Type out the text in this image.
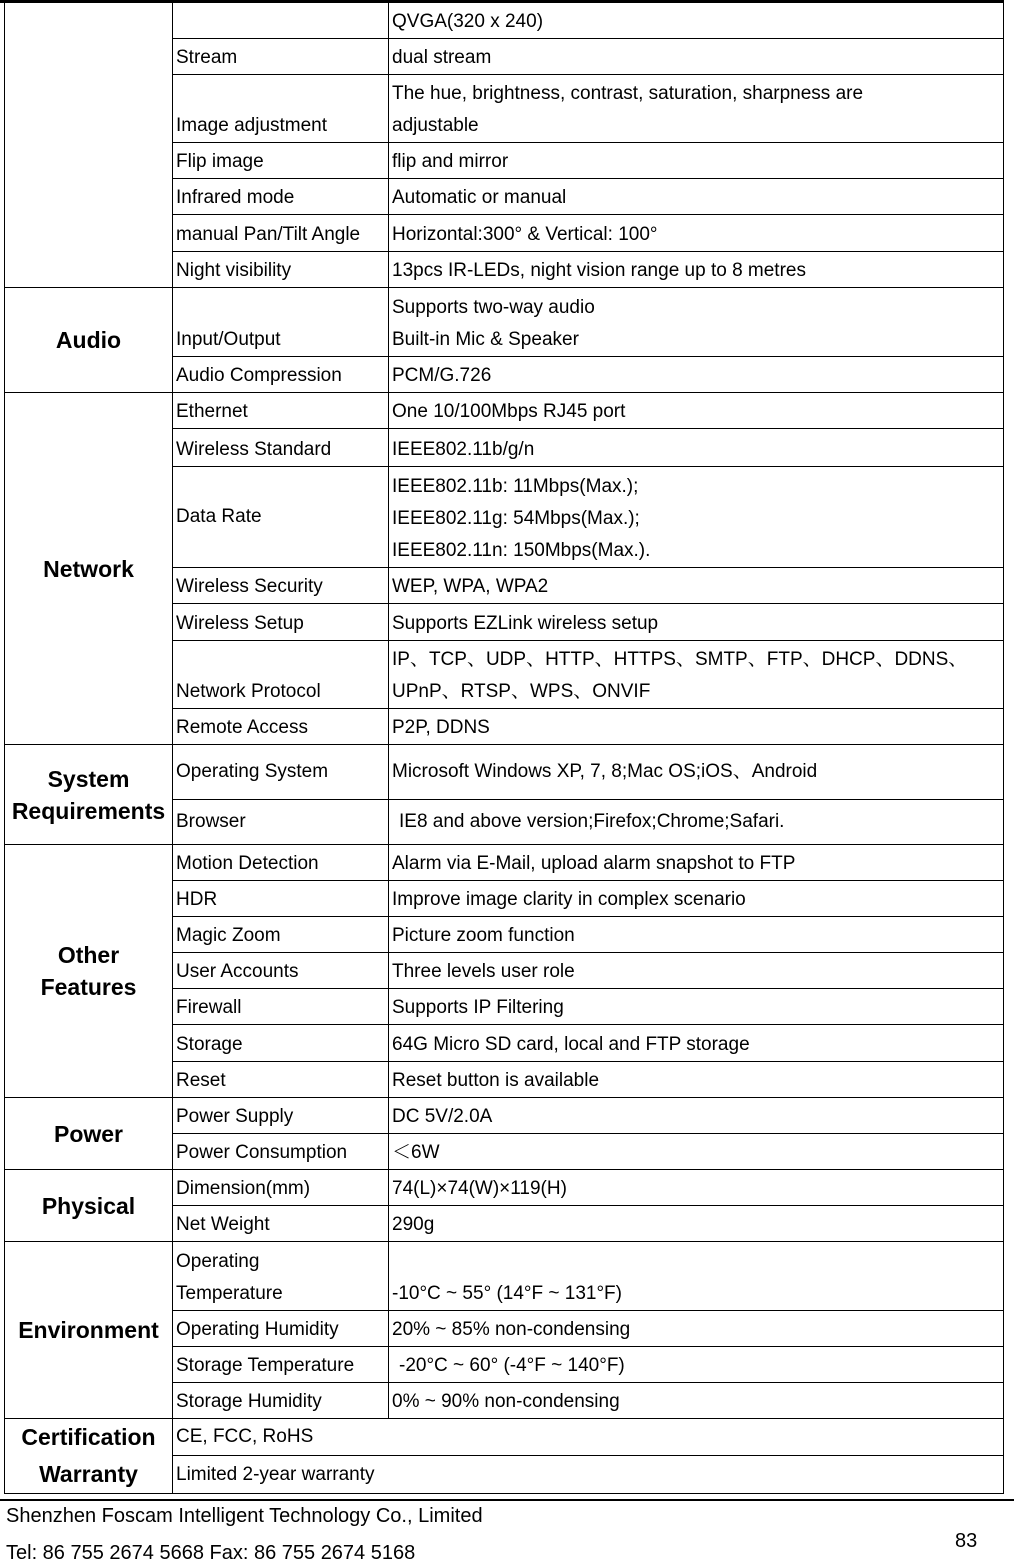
		QVGA(320 x 240)
	Stream	dual stream
	Image adjustment	The hue, brightness, contrast, saturation, sharpness are
adjustable

	Flip image	flip and mirror
	Infrared mode	Automatic or manual
	manual Pan/Tilt Angle	Horizontal:300° & Vertical: 100°
	Night visibility	13pcs IR-LEDs, night vision range up to 8 metres
Audio	Input/Output	Supports two-way audio
Built-in Mic & Speaker

	Audio Compression	PCM/G.726
Network	Ethernet	One 10/100Mbps RJ45 port
	Wireless Standard	IEEE802.11b/g/n
	Data Rate	IEEE802.11b: 11Mbps(Max.);
IEEE802.11g: 54Mbps(Max.);
IEEE802.11n: 150Mbps(Max.).

	Wireless Security	WEP, WPA, WPA2
	Wireless Setup	Supports EZLink wireless setup
	Network Protocol	IP、TCP、UDP、HTTP、HTTPS、SMTP、FTP、DHCP、DDNS、
UPnP、RTSP、WPS、ONVIF

	Remote Access	P2P, DDNS

System
Requirements	Operating System	Microsoft Windows XP, 7, 8;Mac OS;iOS、Android
	Browser	IE8 and above version;Firefox;Chrome;Safari.

Other
Features	Motion Detection	Alarm via E-Mail, upload alarm snapshot to FTP
	HDR	Improve image clarity in complex scenario
	Magic Zoom	Picture zoom function
	User Accounts	Three levels user role
	Firewall	Supports IP Filtering
	Storage	64G Micro SD card, local and FTP storage
	Reset	Reset button is available
Power	Power Supply	DC 5V/2.0A
	Power Consumption	＜6W
Physical	Dimension(mm)	74(L)×74(W)×119(H)
	Net Weight	290g
Environment	Operating
Temperature	-10°C ~ 55° (14°F ~ 131°F)
	Operating Humidity	20% ~ 85% non-condensing
	Storage Temperature	-20°C ~ 60° (-4°F ~ 140°F)
	Storage Humidity	0% ~ 90% non-condensing

Certification
Warranty	CE, FCC, RoHS	
	Limited 2-year warranty	
Shenzhen Foscam Intelligent Technology Co., Limited
Tel: 86 755 2674 5668 Fax: 86 755 2674 5168
83
